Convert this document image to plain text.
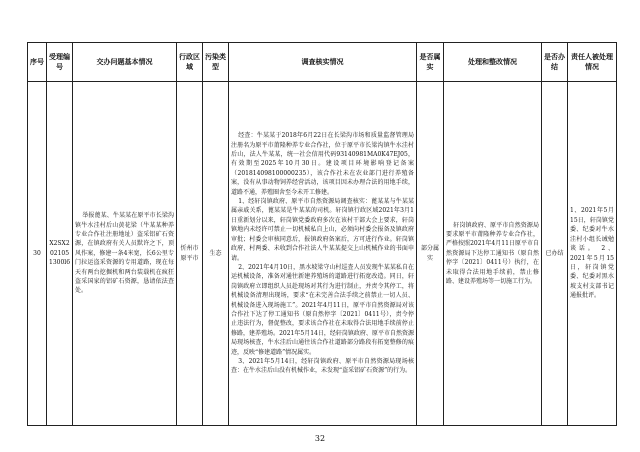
序号	受理编号	交办问题基本情况	行政区域	污染类型	调查核实情况	是否属实	处理和整改情况	是否办结	责任人被处理情况
30	X2SX2021051300l6	举报蓖某、牛某某在原平市长梁沟镇牛水洼村后山黄花梁（牛某某种养专业合作社注册地址）盗采铝矿石资源，在镇政府有关人员默许之下，顶风作案，修建一条4米宽，长6公里专门拉运盗采资源的专用道路，现在每天有两台挖掘机和两台装载机在疯狂盗采国家的铝矿石资源，恳请依法查处。	忻州市原平市	生态	经查：牛某某于2018年6月22日在长梁沟市场和质量监督管理局注册名为原平市莆隆种养专业合作社，位于原平市长梁沟镇牛水洼村后山，法人牛某某，统一社会信用代码93140981MA0K47EJ05，有效期至2025年10月30日。建设项目环境影响登记备案（201814098100000235），该合作社未在农业部门进行养殖备案，没有从事动物饲养经营活动，该项目因未办理合法的用地手续，道路不通，养殖圈舍至今未开工修建。
1、经轩岗镇政府、原平市自然资源局调查核实：蓖某某与牛某某属亲戚关系，蓖某某是牛某某的司机。轩岗镇行政区域2021年3月1日重新划分以来，轩岗镇党委政府多次在该村干部大会上要求，轩岗镇地内未经许可禁止一切机械私自上山，必须向村委会报备及镇政府审批；村委会审核同意后，报镇政府备案后，方可进行作业。轩岗镇政府、村两委、未收到合作社法人牛某某提交上山机械作业的书面申请。
2、2021年4月10日，黑水坡梁守山村巡查人员发现牛某某私自在运机械设备，准备对通往新建养殖场的道路进行拓宽改造。同日，轩岗镇政府立即组织人员赴现场对其行为进行制止，并责令其停工，将机械设备清理出现场，要求“在未完善合法手续之前禁止一切人员、机械设备进入现场施工”。2021年4月11日，原平市自然资源局对该合作社下达了停工通知书（原自然停字〔2021〕0411号），责令停止违法行为，督促整改，要求该合作社在未取得合法用地手续前停止修路，建养殖场。2021年5月14日，经轩岗镇政府、原平市自然资源局现场核查，牛水洼后山通往该合作社道路部分路段有拓宽整修的痕迹，反映“修建道路”情况属实。
3、2021年5月14日，经轩岗镇政府、原平市自然资源局现场核查：在牛水洼后山没有机械作业，未发现“盗采铝矿石资源”的行为。	部分属实	轩岗镇政府、原平市自然资源局要求原平市莆隆种养专业合作社，严格按照2021年4月11日原平市自然资源局下达停工通知书（原自然停字〔2021〕0411号）执行，在未取得合法用地手续前，禁止修路、建设养殖场等一切施工行为。	已办结	1、2021年5月15日，轩岗镇党委、纪委对牛水洼村小组长诫勉谈话。 2、2021年5月15日，轩岗镇党委、纪委对黑水坡支村支部书记通报批评。
32
